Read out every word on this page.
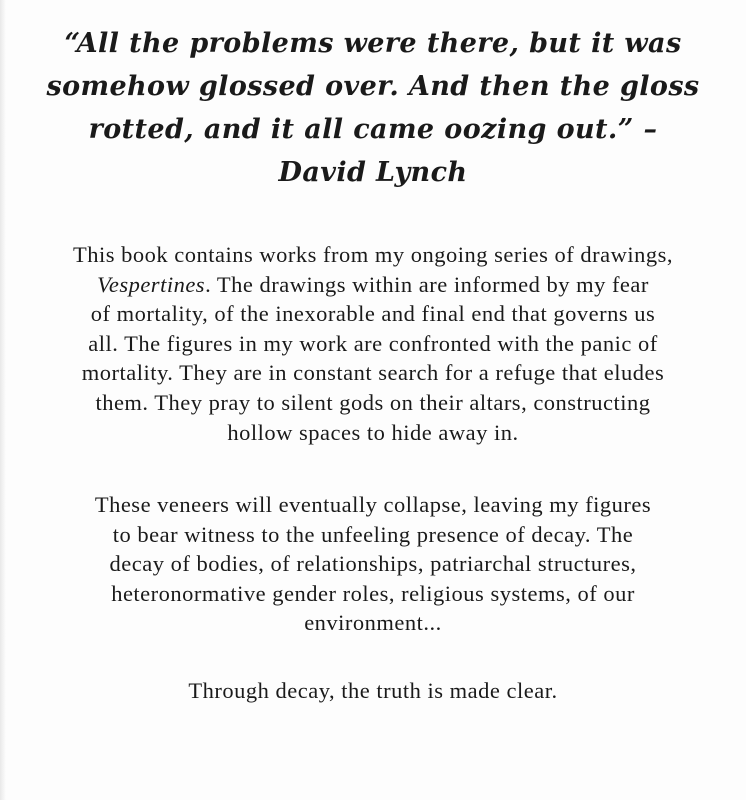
“All the problems were there, but it was
somehow glossed over. And then the gloss
rotted, and it all came oozing out.” –
David Lynch

This book contains works from my ongoing series of drawings,
Vespertines. The drawings within are informed by my fear
of mortality, of the inexorable and final end that governs us
all. The figures in my work are confronted with the panic of
mortality. They are in constant search for a refuge that eludes
them. They pray to silent gods on their altars, constructing
hollow spaces to hide away in.

These veneers will eventually collapse, leaving my figures
to bear witness to the unfeeling presence of decay. The
decay of bodies, of relationships, patriarchal structures,
heteronormative gender roles, religious systems, of our
environment...

Through decay, the truth is made clear.
